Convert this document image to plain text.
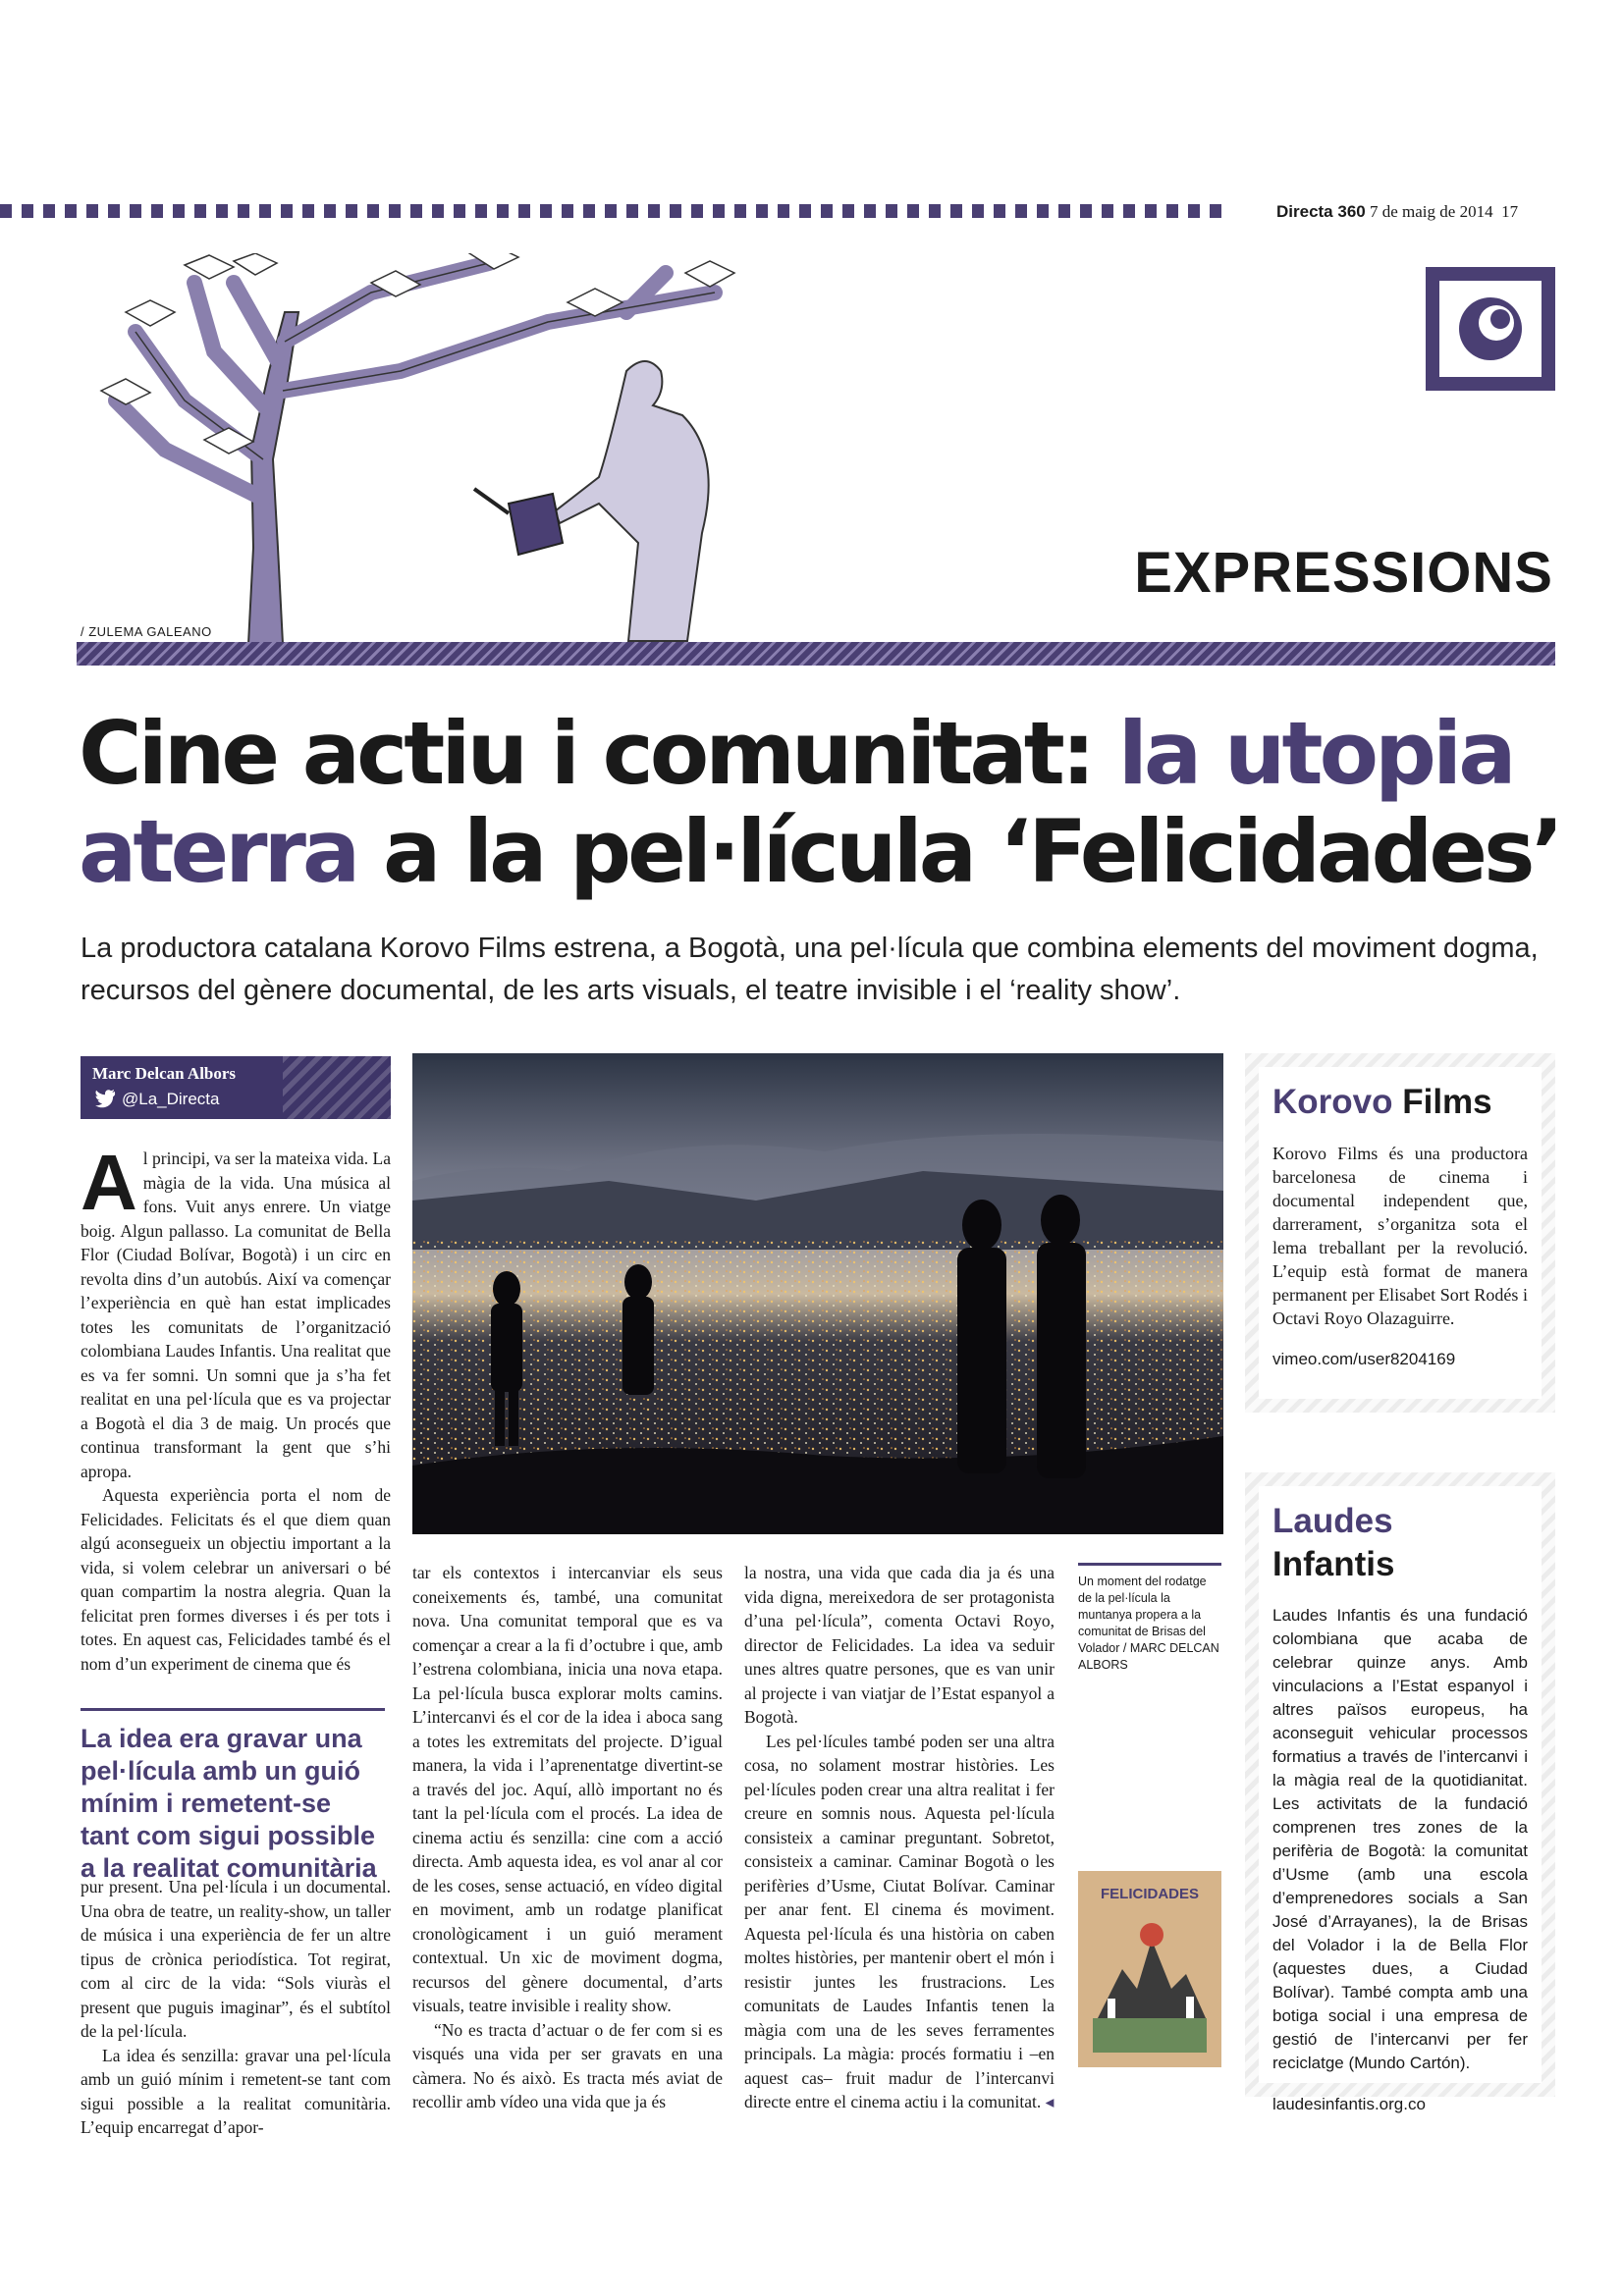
Directa 360 7 de maig de 2014 17
/ ZULEMA GALEANO
EXPRESSIONS
Cine actiu i comunitat: la utopia aterra a la pel·lícula ‘Felicidades’
La productora catalana Korovo Films estrena, a Bogotà, una pel·lícula que combina elements del moviment dogma, recursos del gènere documental, de les arts visuals, el teatre invisible i el ‘reality show’.
Marc Delcan Albors
@La_Directa

Al principi, va ser la mateixa vida. La màgia de la vida. Una música al fons. Vuit anys enrere. Un viatge boig. Algun pallasso. La comunitat de Bella Flor (Ciudad Bolívar, Bogotà) i un circ en revolta dins d’un autobús. Així va començar l’experiència en què han estat implicades totes les comunitats de l’organització colombiana Laudes Infantis. Una realitat que es va fer somni. Un somni que ja s’ha fet realitat en una pel·lícula que es va projectar a Bogotà el dia 3 de maig. Un procés que continua transformant la gent que s’hi apropa.

Aquesta experiència porta el nom de Felicidades. Felicitats és el que diem quan algú aconsegueix un objectiu important a la vida, si volem celebrar un aniversari o bé quan compartim la nostra alegria. Quan la felicitat pren formes diverses i és per tots i totes. En aquest cas, Felicidades també és el nom d’un experiment de cinema que és

La idea era gravar una pel·lícula amb un guió mínim i remetent-se tant com sigui possible a la realitat comunitària

pur present. Una pel·lícula i un documental. Una obra de teatre, un reality-show, un taller de música i una experiència de fer un altre tipus de crònica periodística. Tot regirat, com al circ de la vida: “Sols viuràs el present que puguis imaginar”, és el subtítol de la pel·lícula.

La idea és senzilla: gravar una pel·lícula amb un guió mínim i remetent-se tant com sigui possible a la realitat comunitària. L’equip encarregat d’apor-

Un moment del rodatge de la pel·lícula la muntanya propera a la comunitat de Brisas del Volador / MARC DELCAN ALBORS

tar els contextos i intercanviar els seus coneixements és, també, una comunitat nova. Una comunitat temporal que es va començar a crear a la fi d’octubre i que, amb l’estrena colombiana, inicia una nova etapa. La pel·lícula busca explorar molts camins. L’intercanvi és el cor de la idea i aboca sang a totes les extremitats del projecte. D’igual manera, la vida i l’aprenentatge divertint-se a través del joc. Aquí, allò important no és tant la pel·lícula com el procés. La idea de cinema actiu és senzilla: cine com a acció directa. Amb aquesta idea, es vol anar al cor de les coses, sense actuació, en vídeo digital en moviment, amb un rodatge planificat cronològicament i un guió merament contextual. Un xic de moviment dogma, recursos del gènere documental, d’arts visuals, teatre invisible i reality show.

“No es tracta d’actuar o de fer com si es visqués una vida per ser gravats en una càmera. No és això. Es tracta més aviat de recollir amb vídeo una vida que ja és

la nostra, una vida que cada dia ja és una vida digna, mereixedora de ser protagonista d’una pel·lícula”, comenta Octavi Royo, director de Felicidades. La idea va seduir unes altres quatre persones, que es van unir al projecte i van viatjar de l’Estat espanyol a Bogotà.

Les pel·lícules també poden ser una altra cosa, no solament mostrar històries. Les pel·lícules poden crear una altra realitat i fer creure en somnis nous. Aquesta pel·lícula consisteix a caminar preguntant. Sobretot, consisteix a caminar. Caminar Bogotà o les perifèries d’Usme, Ciutat Bolívar. Caminar per anar fent. El cinema és moviment. Aquesta pel·lícula és una història on caben moltes històries, per mantenir obert el món i resistir juntes les frustracions. Les comunitats de Laudes Infantis tenen la màgia com una de les seves ferramentes principals. La màgia: procés formatiu i –en aquest cas– fruit madur de l’intercanvi directe entre el cinema actiu i la comunitat. ◂

FELICIDADES
Korovo Films
Korovo Films és una productora barcelonesa de cinema i documental independent que, darrerament, s’organitza sota el lema treballant per la revolució. L’equip està format de manera permanent per Elisabet Sort Rodés i Octavi Royo Olazaguirre.
vimeo.com/user8204169
Laudes
Infantis
Laudes Infantis és una fundació colombiana que acaba de celebrar quinze anys. Amb vinculacions a l’Estat espanyol i altres països europeus, ha aconseguit vehicular processos formatius a través de l’intercanvi i la màgia real de la quotidianitat. Les activitats de la fundació comprenen tres zones de la perifèria de Bogotà: la comunitat d’Usme (amb una escola d’emprenedores socials a San José d’Arrayanes), la de Brisas del Volador i la de Bella Flor (aquestes dues, a Ciudad Bolívar). També compta amb una botiga social i una empresa de gestió de l’intercanvi per fer reciclatge (Mundo Cartón).
laudesinfantis.org.co
